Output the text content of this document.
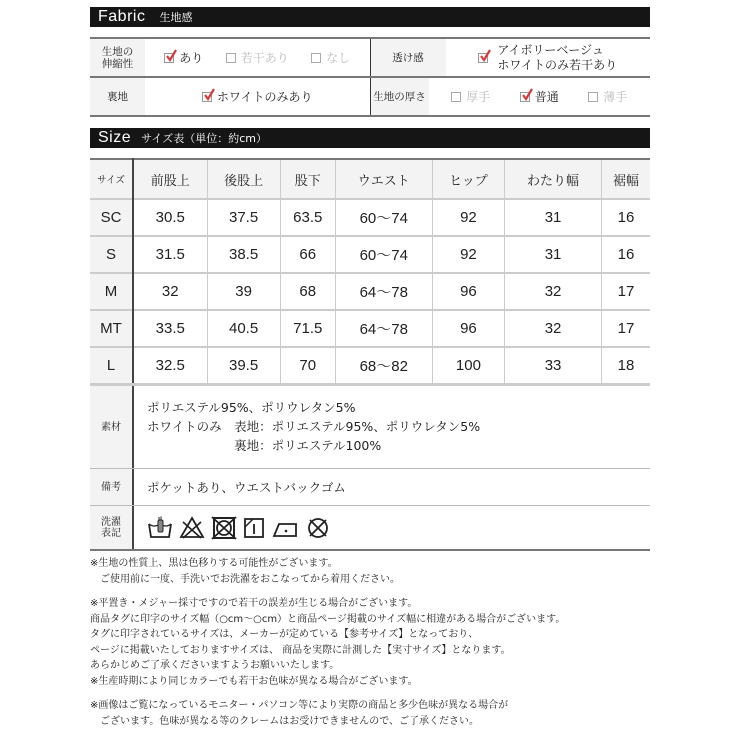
Fabric 生地感
生地の
伸縮性	あり	若干あり	なし	透け感
アイボリーベージュ
ホワイトのみ若干あり
裏地	ホワイトのみあり	生地の厚さ	厚手	普通	薄手
Size サイズ表（単位：約cm）
サイズ	前股上	後股上	股下	ウエスト	ヒップ	わたり幅	裾幅
SC	30.5	37.5	63.5	60〜74	92	31	16
S	31.5	38.5	66	60〜74	92	31	16
M	32	39	68	64〜78	96	32	17
MT	33.5	40.5	71.5	64〜78	96	32	17
L	32.5	39.5	70	68〜82	100	33	18
素材
ポリエステル95%、ポリウレタン5%
ホワイトのみ　 表地：ポリエステル95%、ポリウレタン5%
裏地：ポリエステル100%
備考	ポケットあり、ウエストバックゴム
洗濯
表記

※生地の性質上、黒は色移りする可能性がございます。

ご使用前に一度、手洗いでお洗濯をおこなってから着用ください。

※平置き・メジャー採寸ですので若干の誤差が生じる場合がございます。

商品タグに印字のサイズ幅（○cm〜○cm）と商品ページ掲載のサイズ幅に相違がある場合がございます。

タグに印字されているサイズは、メーカーが定めている【参考サイズ】となっており、

ページに掲載いたしておりますサイズは、 商品を実際に計測した【実寸サイズ】となります。

あらかじめご了承くださいますようお願いいたします。

※生産時期により同じカラーでも若干お色味が異なる場合がございます。

※画像はご覧になっているモニター・パソコン等により実際の商品と多少色味が異なる場合が

ございます。色味が異なる等のクレームはお受けできませんので、ご了承ください。
